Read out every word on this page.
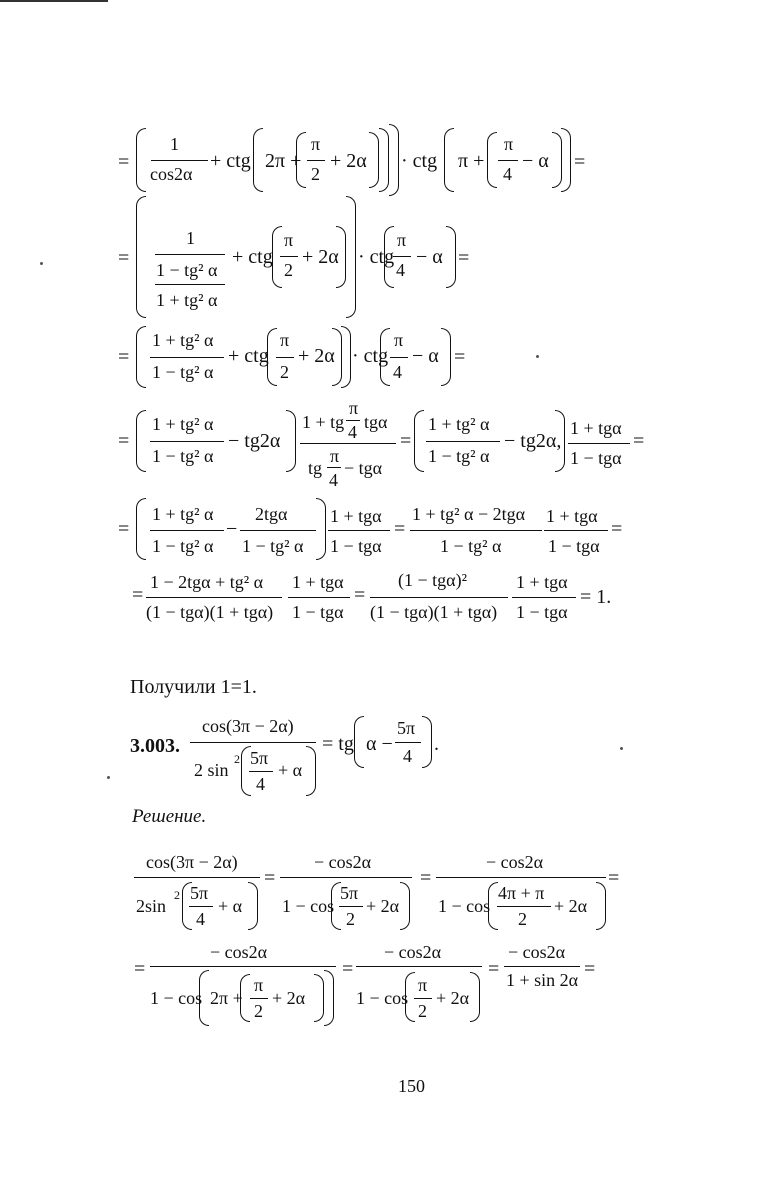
=
1
cos2α
+ ctg 2π +
π
2
+ 2α · ctg π +
π
4
− α =
=
1
1 − tg² α
1 + tg² α
+ ctg
π
2
+ 2α · ctg
π
4
− α =
=
1 + tg² α
1 − tg² α
+ ctg
π
2
+ 2α · ctg
π
4
− α =
=
1 + tg² α
1 − tg² α
− tg2α
1 + tg
π
4 tgα
tg
π
4
− tgα
=
1 + tg² α
1 − tg² α
− tg2α,
1 + tgα
1 − tgα
=
=
1 + tg² α
1 − tg² α
−
2tgα
1 − tg² α
1 + tgα
1 − tgα
=
1 + tg² α − 2tgα
1 − tg² α
1 + tgα
1 − tgα
=
=
1 − 2tgα + tg² α
(1 − tgα)(1 + tgα)
1 + tgα
1 − tgα
=
(1 − tgα)²
(1 − tgα)(1 + tgα)
1 + tgα
1 − tgα
= 1.
Получили 1=1.
3.003.
cos(3π − 2α)
2 sin
2 5π
4
+ α
= tg α −
5π
4
.
Решение.
cos(3π − 2α)
2sin
2 5π
4
+ α
=
− cos2α
1 − cos
5π
2
+ 2α
=
− cos2α
1 − cos
4π + π
2
+ 2α
=
=
− cos2α
1 − cos 2π +
π
2
+ 2α
=
− cos2α
1 − cos
π
2
+ 2α
=
− cos2α
1 + sin 2α =
150
